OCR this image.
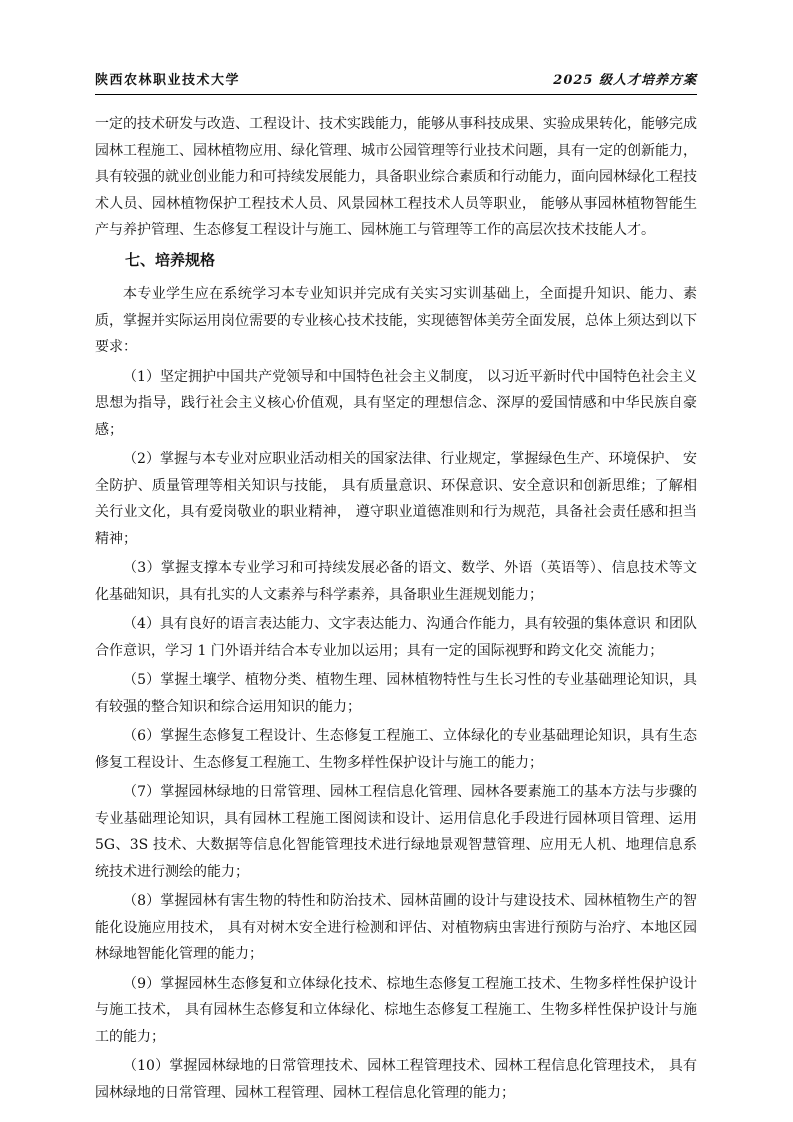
陕西农林职业技术大学	2025 级人才培养方案

一定的技术研发与改造、工程设计、技术实践能力，能够从事科技成果、实验成果转化，能够完成园林工程施工、园林植物应用、绿化管理、城市公园管理等行业技术问题，具有一定的创新能力，具有较强的就业创业能力和可持续发展能力，具备职业综合素质和行动能力，面向园林绿化工程技术人员、园林植物保护工程技术人员、风景园林工程技术人员等职业， 能够从事园林植物智能生产与养护管理、生态修复工程设计与施工、园林施工与管理等工作的高层次技术技能人才。

七、培养规格

本专业学生应在系统学习本专业知识并完成有关实习实训基础上，全面提升知识、能力、素质，掌握并实际运用岗位需要的专业核心技术技能，实现德智体美劳全面发展，总体上须达到以下要求：

（1）坚定拥护中国共产党领导和中国特色社会主义制度， 以习近平新时代中国特色社会主义思想为指导，践行社会主义核心价值观，具有坚定的理想信念、深厚的爱国情感和中华民族自豪感；

（2）掌握与本专业对应职业活动相关的国家法律、行业规定，掌握绿色生产、环境保护、 安全防护、质量管理等相关知识与技能， 具有质量意识、环保意识、安全意识和创新思维；了解相关行业文化，具有爱岗敬业的职业精神， 遵守职业道德准则和行为规范，具备社会责任感和担当精神；

（3）掌握支撑本专业学习和可持续发展必备的语文、数学、外语（英语等）、信息技术等文化基础知识，具有扎实的人文素养与科学素养，具备职业生涯规划能力；

（4）具有良好的语言表达能力、文字表达能力、沟通合作能力，具有较强的集体意识 和团队合作意识，学习 1 门外语并结合本专业加以运用；具有一定的国际视野和跨文化交 流能力；

（5）掌握土壤学、植物分类、植物生理、园林植物特性与生长习性的专业基础理论知识，具有较强的整合知识和综合运用知识的能力；

（6）掌握生态修复工程设计、生态修复工程施工、立体绿化的专业基础理论知识，具有生态修复工程设计、生态修复工程施工、生物多样性保护设计与施工的能力；

（7）掌握园林绿地的日常管理、园林工程信息化管理、园林各要素施工的基本方法与步骤的专业基础理论知识，具有园林工程施工图阅读和设计、运用信息化手段进行园林项目管理、运用 5G、3S 技术、大数据等信息化智能管理技术进行绿地景观智慧管理、应用无人机、地理信息系统技术进行测绘的能力；

（8）掌握园林有害生物的特性和防治技术、园林苗圃的设计与建设技术、园林植物生产的智能化设施应用技术， 具有对树木安全进行检测和评估、对植物病虫害进行预防与治疗、本地区园林绿地智能化管理的能力；

（9）掌握园林生态修复和立体绿化技术、棕地生态修复工程施工技术、生物多样性保护设计与施工技术， 具有园林生态修复和立体绿化、棕地生态修复工程施工、生物多样性保护设计与施工的能力；

（10）掌握园林绿地的日常管理技术、园林工程管理技术、园林工程信息化管理技术， 具有园林绿地的日常管理、园林工程管理、园林工程信息化管理的能力；
